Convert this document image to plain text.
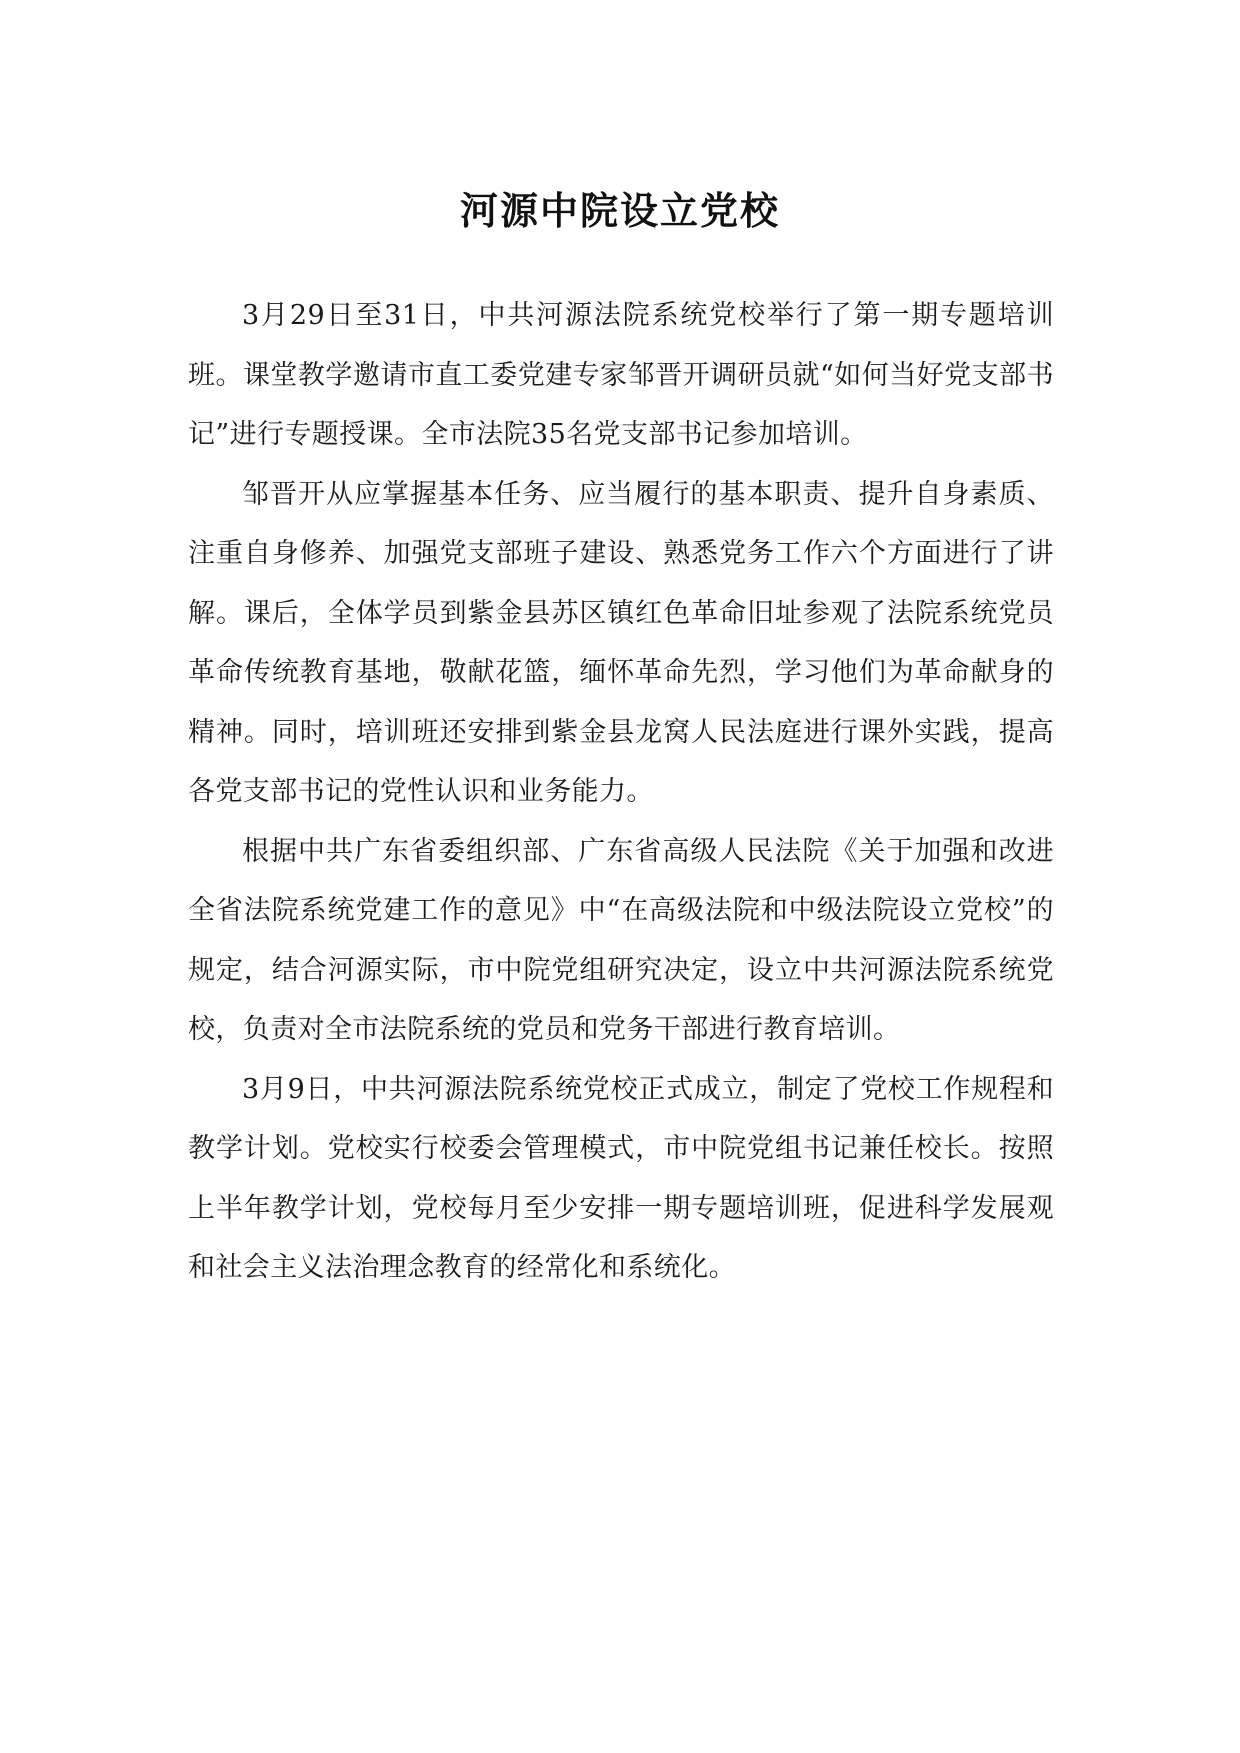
河源中院设立党校

3月29日至31日，中共河源法院系统党校举行了第一期专题培训班。课堂教学邀请市直工委党建专家邹晋开调研员就“如何当好党支部书记”进行专题授课。全市法院35名党支部书记参加培训。

邹晋开从应掌握基本任务、应当履行的基本职责、提升自身素质、注重自身修养、加强党支部班子建设、熟悉党务工作六个方面进行了讲解。课后，全体学员到紫金县苏区镇红色革命旧址参观了法院系统党员革命传统教育基地，敬献花篮，缅怀革命先烈，学习他们为革命献身的精神。同时，培训班还安排到紫金县龙窝人民法庭进行课外实践，提高各党支部书记的党性认识和业务能力。

根据中共广东省委组织部、广东省高级人民法院《关于加强和改进全省法院系统党建工作的意见》中“在高级法院和中级法院设立党校”的规定，结合河源实际，市中院党组研究决定，设立中共河源法院系统党校，负责对全市法院系统的党员和党务干部进行教育培训。

3月9日，中共河源法院系统党校正式成立，制定了党校工作规程和教学计划。党校实行校委会管理模式，市中院党组书记兼任校长。按照上半年教学计划，党校每月至少安排一期专题培训班，促进科学发展观和社会主义法治理念教育的经常化和系统化。
